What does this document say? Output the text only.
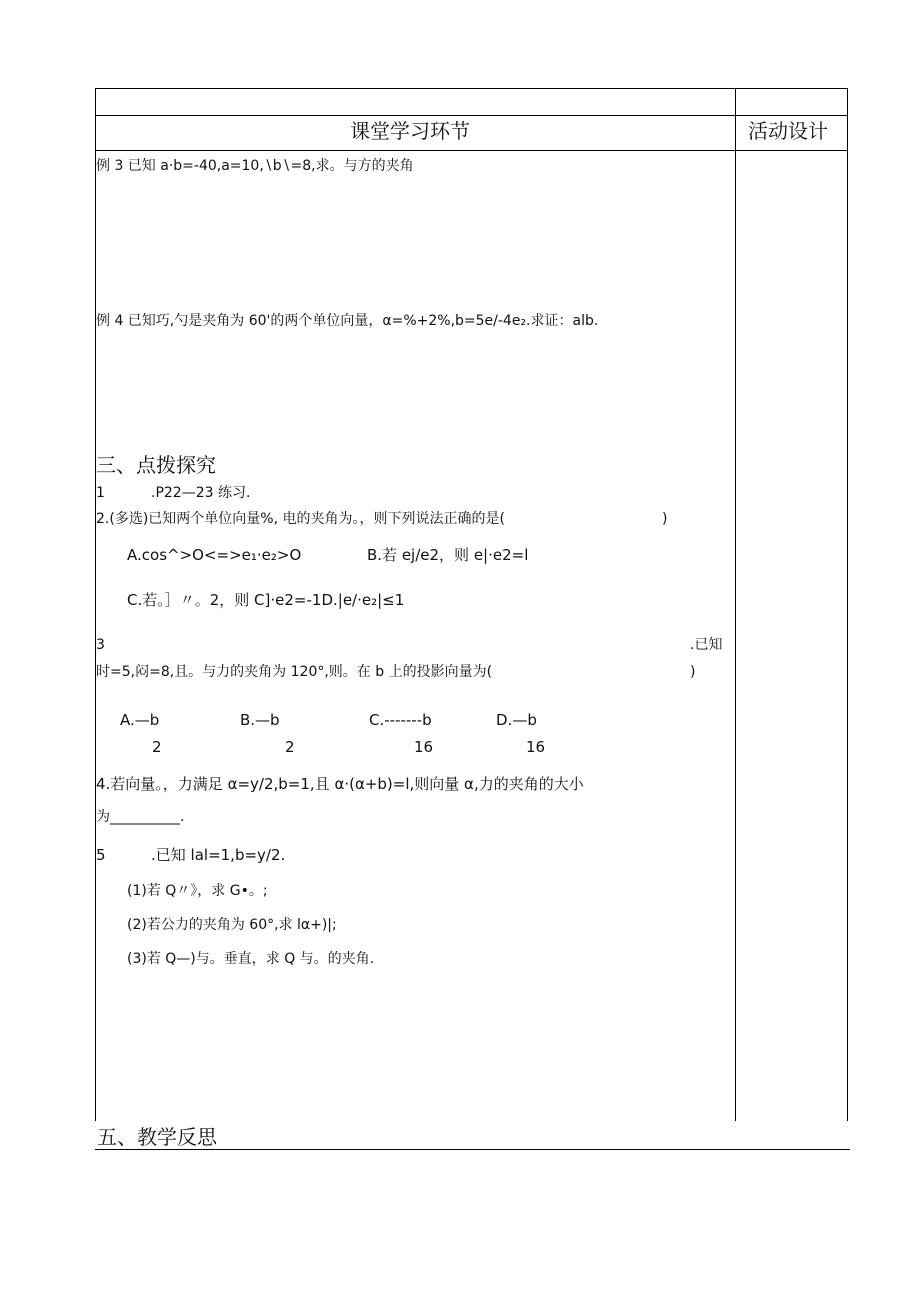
课堂学习环节	活动设计
例 3 已知 a·b=-40,a=10,∖b∖=8,求。与方的夹角
例 4 已知巧,勺是夹角为 60'的两个单位向量，α=%+2%,b=5e/-4e₂.求证：alb.
三、点拨探究
1	.P22—23 练习.
2.(多选)已知两个单位向量%, 电的夹角为。，则下列说法正确的是(	)
A.cos^>O<=>e₁·e₂>O	B.若 ej/e2，则 e|·e2=l
C.若。］〃。2，则 C]·e2=-1D.|e/·e₂|≤1
3	.已知
时=5,闷=8,且。与力的夹角为 120°,则。在 b 上的投影向量为(	)
A.—b
2
B.—b
2
C.-------b
16
D.—b
16
4.若向量。，力满足 α=y/2,b=1,且 α·(α+b)=l,则向量 α,力的夹角的大小
为__________.
5	.已知 lal=1,b=y/2.
(1)若 Q〃》，求 G•。;
(2)若公力的夹角为 60°,求 lα+)|;
(3)若 Q—)与。垂直，求 Q 与。的夹角.
五、教学反思
